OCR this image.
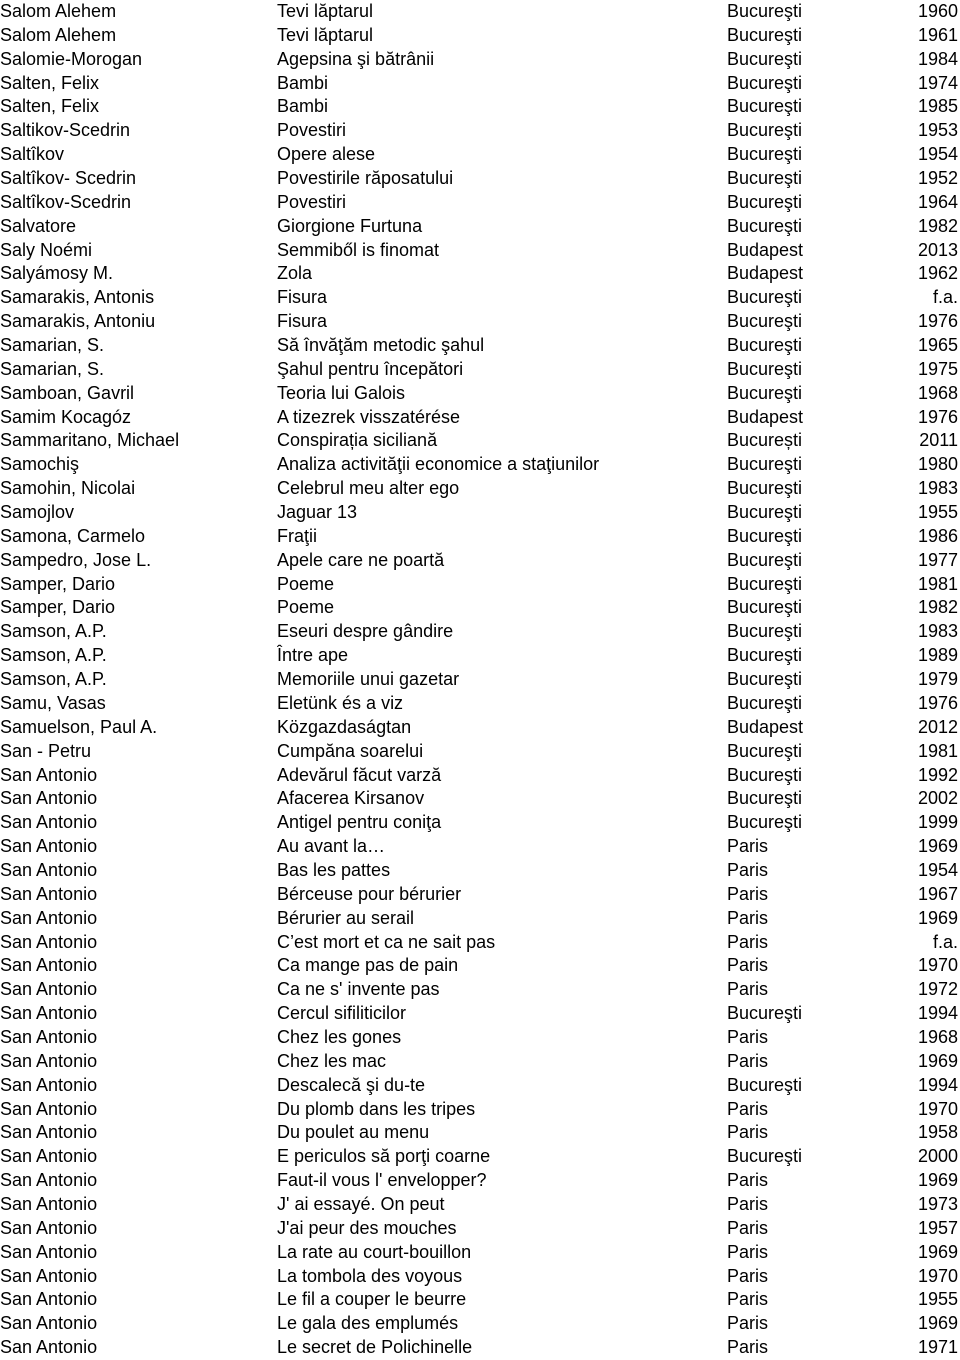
Salom Alehem	Tevi lăptarul	Bucureşti	1960
Salom Alehem	Tevi lăptarul	Bucureşti	1961
Salomie-Morogan	Agepsina şi bătrânii	Bucureşti	1984
Salten, Felix	Bambi	Bucureşti	1974
Salten, Felix	Bambi	Bucureşti	1985
Saltikov-Scedrin	Povestiri	Bucureşti	1953
Saltîkov	Opere alese	Bucureşti	1954
Saltîkov- Scedrin	Povestirile răposatului	Bucureşti	1952
Saltîkov-Scedrin	Povestiri	Bucureşti	1964
Salvatore	Giorgione Furtuna	Bucureşti	1982
Saly Noémi	Semmiből is finomat	Budapest	2013
Salyámosy M.	Zola	Budapest	1962
Samarakis, Antonis	Fisura	Bucureşti	f.a.
Samarakis, Antoniu	Fisura	Bucureşti	1976
Samarian, S.	Să învăţăm metodic şahul	Bucureşti	1965
Samarian, S.	Şahul pentru începători	Bucureşti	1975
Samboan, Gavril	Teoria lui Galois	Bucureşti	1968
Samim Kocagóz	A tizezrek visszatérése	Budapest	1976
Sammaritano, Michael	Conspirația siciliană	București	2011
Samochiş	Analiza activităţii economice a staţiunilor	Bucureşti	1980
Samohin, Nicolai	Celebrul meu alter ego	Bucureşti	1983
Samojlov	Jaguar 13	Bucureşti	1955
Samona, Carmelo	Fraţii	Bucureşti	1986
Sampedro, Jose L.	Apele care ne poartă	Bucureşti	1977
Samper, Dario	Poeme	Bucureşti	1981
Samper, Dario	Poeme	Bucureşti	1982
Samson, A.P.	Eseuri despre gândire	Bucureşti	1983
Samson, A.P.	Între ape	Bucureşti	1989
Samson, A.P.	Memoriile unui gazetar	Bucureşti	1979
Samu, Vasas	Eletünk és a viz	Bucureşti	1976
Samuelson, Paul A.	Közgazdaságtan	Budapest	2012
San - Petru	Cumpăna soarelui	Bucureşti	1981
San Antonio	Adevărul făcut varză	Bucureşti	1992
San Antonio	Afacerea Kirsanov	Bucureşti	2002
San Antonio	Antigel pentru coniţa	Bucureşti	1999
San Antonio	Au avant la…	Paris	1969
San Antonio	Bas les pattes	Paris	1954
San Antonio	Bérceuse pour bérurier	Paris	1967
San Antonio	Bérurier au serail	Paris	1969
San Antonio	C’est mort et ca ne sait pas	Paris	f.a.
San Antonio	Ca mange pas de pain	Paris	1970
San Antonio	Ca ne s' invente pas	Paris	1972
San Antonio	Cercul sifiliticilor	Bucureşti	1994
San Antonio	Chez les gones	Paris	1968
San Antonio	Chez les mac	Paris	1969
San Antonio	Descalecă şi du-te	Bucureşti	1994
San Antonio	Du plomb dans les tripes	Paris	1970
San Antonio	Du poulet au menu	Paris	1958
San Antonio	E periculos să porţi coarne	Bucureşti	2000
San Antonio	Faut-il vous l' envelopper?	Paris	1969
San Antonio	J' ai essayé. On peut	Paris	1973
San Antonio	J'ai peur des mouches	Paris	1957
San Antonio	La rate au court-bouillon	Paris	1969
San Antonio	La tombola des voyous	Paris	1970
San Antonio	Le fil a couper le beurre	Paris	1955
San Antonio	Le gala des emplumés	Paris	1969
San Antonio	Le secret de Polichinelle	Paris	1971
